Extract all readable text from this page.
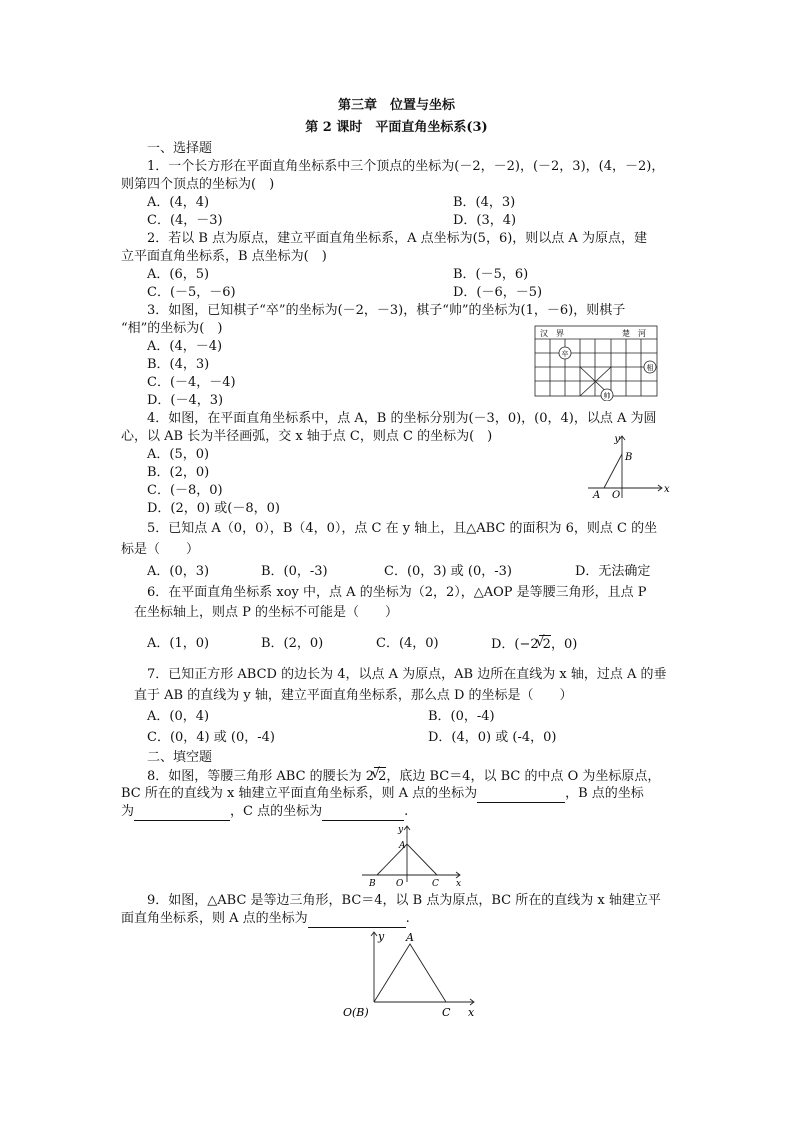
第三章　位置与坐标
第 2 课时　平面直角坐标系(3)
一、选择题
1．一个长方形在平面直角坐标系中三个顶点的坐标为(－2，－2)，(－2，3)，(4，－2)，
则第四个顶点的坐标为(　)
A．(4，4)	B．(4，3)
C．(4，－3)	D．(3，4)
2．若以 B 点为原点，建立平面直角坐标系，A 点坐标为(5，6)，则以点 A 为原点，建
立平面直角坐标系，B 点坐标为(　)
A．(6，5)	B．(－5，6)
C．(－5，－6)	D．(－6，－5)
3．如图，已知棋子“卒”的坐标为(－2，－3)，棋子“帅”的坐标为(1，－6)，则棋子
“相”的坐标为(　)
A．(4，－4)
B．(4，3)
C．(－4，－4)
D．(－4，3)
汉　界	楚　河
卒
相
帅
4．如图，在平面直角坐标系中，点 A，B 的坐标分别为(－3，0)，(0，4)，以点 A 为圆
心，以 AB 长为半径画弧，交 x 轴于点 C，则点 C 的坐标为(　)
A．(5，0)
B．(2，0)
C．(－8，0)
D．(2，0) 或(－8，0)
y
x
B
A O
5．已知点 A（0，0），B（4，0），点 C 在 y 轴上，且△ABC 的面积为 6，则点 C 的坐
标是（　　）
A．(0，3)	B．(0，-3)	C．(0，3) 或 (0，-3)	D．无法确定
6．在平面直角坐标系 xoy 中，点 A 的坐标为（2，2），△AOP 是等腰三角形，且点 P
在坐标轴上，则点 P 的坐标不可能是（　　）
A．(1，0)	B．(2，0)	C．(4，0)	D．(−2
√
2，0)
7．已知正方形 ABCD 的边长为 4，以点 A 为原点，AB 边所在直线为 x 轴，过点 A 的垂
直于 AB 的直线为 y 轴，建立平面直角坐标系，那么点 D 的坐标是（　　）
A．(0，4)	B．(0，-4)
C．(0，4) 或 (0，-4)	D．(4，0) 或 (-4，0)
二、填空题
8．如图，等腰三角形 ABC 的腰长为 2
√
2，底边 BC＝4，以 BC 的中点 O 为坐标原点，
BC 所在的直线为 x 轴建立平面直角坐标系，则 A 点的坐标为	，B 点的坐标
为	，C 点的坐标为	.
y
x
A
B O	C
9．如图，△ABC 是等边三角形，BC＝4，以 B 点为原点，BC 所在的直线为 x 轴建立平
面直角坐标系，则 A 点的坐标为	.
y
x
A
O(B)	C
